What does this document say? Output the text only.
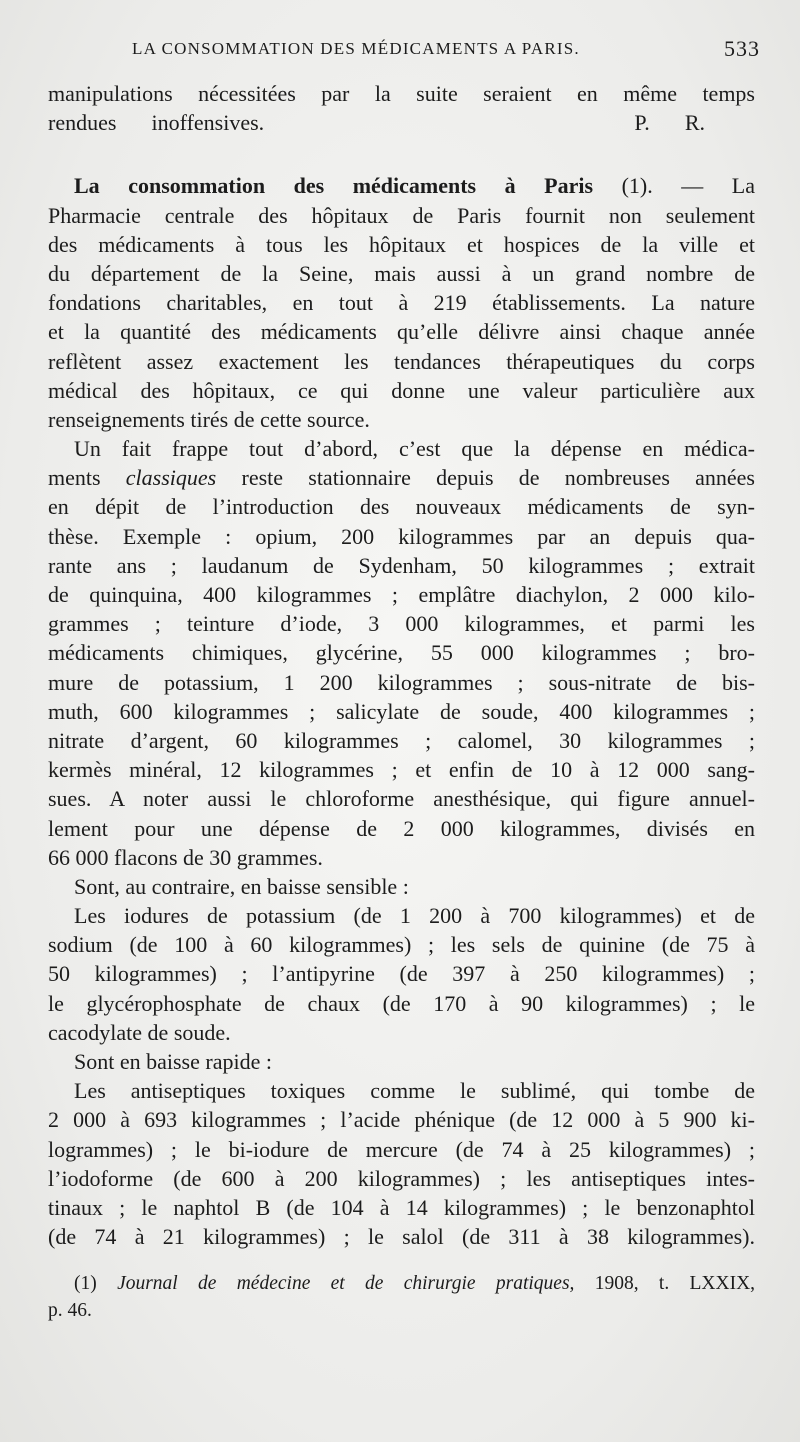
LA CONSOMMATION DES MÉDICAMENTS A PARIS.	533
manipulations nécessitées par la suite seraient en même temps
rendues inoffensives.	P. R.
La consommation des médicaments à Paris (1). — La
Pharmacie centrale des hôpitaux de Paris fournit non seulement
des médicaments à tous les hôpitaux et hospices de la ville et
du département de la Seine, mais aussi à un grand nombre de
fondations charitables, en tout à 219 établissements. La nature
et la quantité des médicaments qu’elle délivre ainsi chaque année
reflètent assez exactement les tendances thérapeutiques du corps
médical des hôpitaux, ce qui donne une valeur particulière aux
renseignements tirés de cette source.
Un fait frappe tout d’abord, c’est que la dépense en médica-
ments classiques reste stationnaire depuis de nombreuses années
en dépit de l’introduction des nouveaux médicaments de syn-
thèse. Exemple : opium, 200 kilogrammes par an depuis qua-
rante ans ; laudanum de Sydenham, 50 kilogrammes ; extrait
de quinquina, 400 kilogrammes ; emplâtre diachylon, 2 000 kilo-
grammes ; teinture d’iode, 3 000 kilogrammes, et parmi les
médicaments chimiques, glycérine, 55 000 kilogrammes ; bro-
mure de potassium, 1 200 kilogrammes ; sous-nitrate de bis-
muth, 600 kilogrammes ; salicylate de soude, 400 kilogrammes ;
nitrate d’argent, 60 kilogrammes ; calomel, 30 kilogrammes ;
kermès minéral, 12 kilogrammes ; et enfin de 10 à 12 000 sang-
sues. A noter aussi le chloroforme anesthésique, qui figure annuel-
lement pour une dépense de 2 000 kilogrammes, divisés en
66 000 flacons de 30 grammes.
Sont, au contraire, en baisse sensible :
Les iodures de potassium (de 1 200 à 700 kilogrammes) et de
sodium (de 100 à 60 kilogrammes) ; les sels de quinine (de 75 à
50 kilogrammes) ; l’antipyrine (de 397 à 250 kilogrammes) ;
le glycérophosphate de chaux (de 170 à 90 kilogrammes) ; le
cacodylate de soude.
Sont en baisse rapide :
Les antiseptiques toxiques comme le sublimé, qui tombe de
2 000 à 693 kilogrammes ; l’acide phénique (de 12 000 à 5 900 ki-
logrammes) ; le bi-iodure de mercure (de 74 à 25 kilogrammes) ;
l’iodoforme (de 600 à 200 kilogrammes) ; les antiseptiques intes-
tinaux ; le naphtol B (de 104 à 14 kilogrammes) ; le benzonaphtol
(de 74 à 21 kilogrammes) ; le salol (de 311 à 38 kilogrammes).
(1) Journal de médecine et de chirurgie pratiques, 1908, t. LXXIX,
p. 46.
